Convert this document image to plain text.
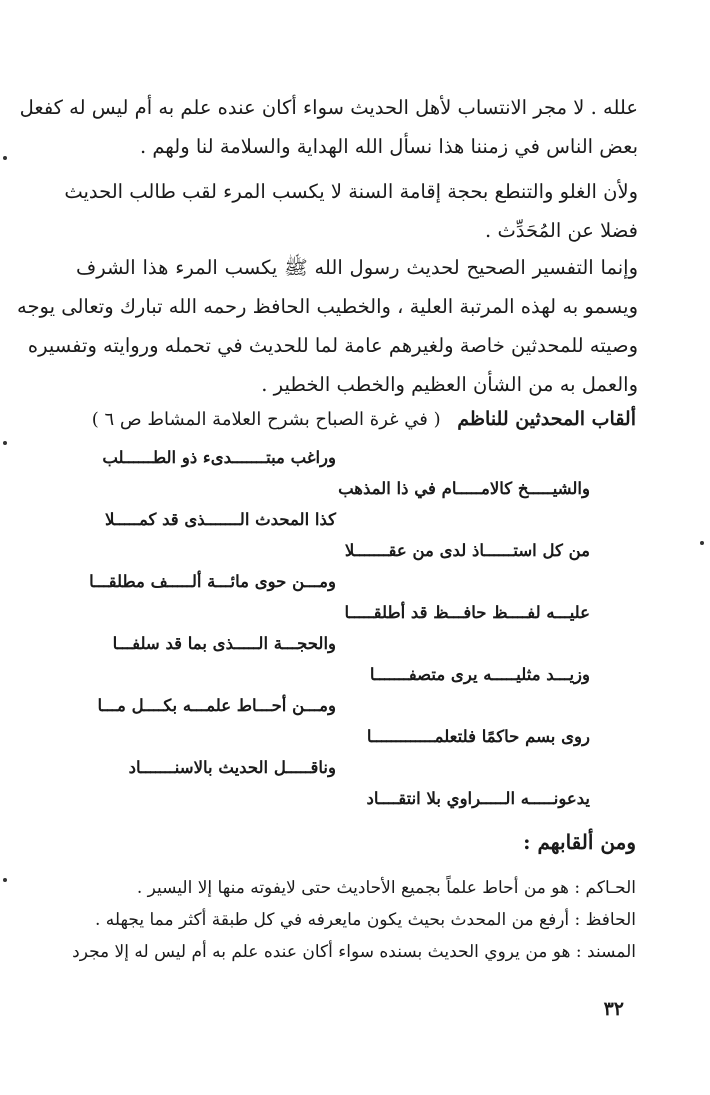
علله . لا مجر الانتساب لأهل الحديث سواء أكان عنده علم به أم ليس له كفعل
بعض الناس في زمننا هذا نسأل الله الهداية والسلامة لنا ولهم .
ولأن الغلو والتنطع بحجة إقامة السنة لا يكسب المرء لقب طالب الحديث
فضلا عن المُحَدِّث .
وإنما التفسير الصحيح لحديث رسول الله ﷺ يكسب المرء هذا الشرف
ويسمو به لهذه المرتبة العلية ، والخطيب الحافظ رحمه الله تبارك وتعالى يوجه
وصيته للمحدثين خاصة ولغيرهم عامة لما للحديث في تحمله وروايته وتفسيره
والعمل به من الشأن العظيم والخطب الخطير .
ألقاب المحدثين للناظم ( في غرة الصباح بشرح العلامة المشاط ص ٦ )
وراغب مبتـــــــدىء ذو الطــــــلب
والشيـــــخ كالامـــــام في ذا المذهب
كذا المحدث الـــــــذى قد كمـــــلا
من كل استــــــاذ لدى من عقـــــــلا
ومـــن حوى مائـــة ألـــــف مطلقـــا
عليـــه لفــــظ حافـــظ قد أطلقـــــا
والحجـــة الـــــذى بما قد سلفـــا
وزيـــد مثليـــــه يرى متصفـــــــا
ومـــن أحـــاط علمـــه بكــــل مـــا
روى بسم حاكمًا فلتعلمـــــــــــــا
وناقـــــل الحديث بالاسنـــــــاد
يدعونـــــه الـــــراوي بلا انتقــــاد
ومن ألقابهم :
الحـاكم : هو من أحاط علماً بجميع الأحاديث حتى لايفوته منها إلا اليسير .
الحافظ : أرفع من المحدث بحيث يكون مايعرفه في كل طبقة أكثر مما يجهله .
المسند : هو من يروي الحديث بسنده سواء أكان عنده علم به أم ليس له إلا مجرد
٣٢
